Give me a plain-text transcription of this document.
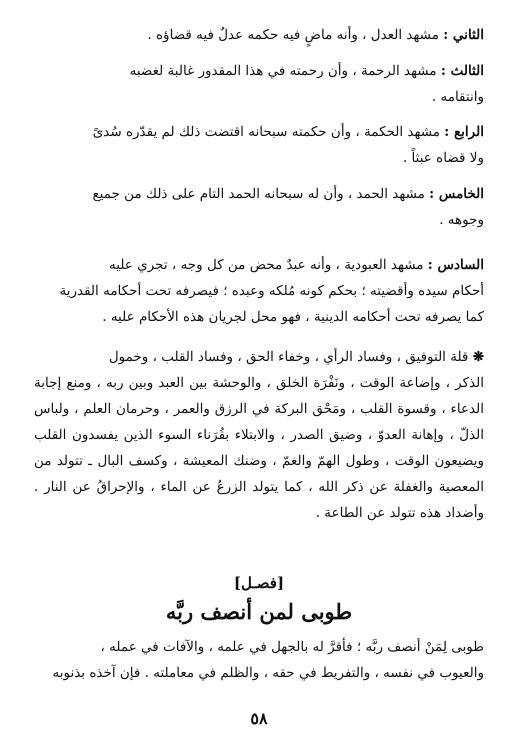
الثاني : مشهد العدل ، وأنه ماضٍ فيه حكمه عدلٌ فيه قضاؤه .
الثالث : مشهد الرحمة ، وأن رحمته في هذا المقدور غالبة لغضبه
وانتقامه .
الرابع : مشهد الحكمة ، وأن حكمته سبحانه اقتضت ذلك لم يقدّره سُدىً
ولا قضاه عبثاً .
الخامس : مشهد الحمد ، وأن له سبحانه الحمد التام على ذلك من جميع
وجوهه .
السادس : مشهد العبودية ، وأنه عبدٌ محض من كل وجه ، تجري عليه
أحكام سيده وأقضيته ؛ بحكم كونه مُلكه وعبده ؛ فيصرفه تحت أحكامه القدرية
كما يصرفه تحت أحكامه الدينية ، فهو محل لجريان هذه الأحكام عليه .
❋ قلة التوفيق ، وفساد الرأي ، وخفاء الحق ، وفساد القلب ، وخمول
الذكر ، وإضاعة الوقت ، ونَفْرَة الخلق ، والوحشة بين العبد وبين ربه ، ومنع إجابة
الدعاء ، وقسوة القلب ، ومَحْق البركة في الرزق والعمر ، وحرمان العلم ، ولباس
الذلّ ، وإهانة العدوّ ، وضيق الصدر ، والابتلاء بقُرَناء السوء الذين يفسدون القلب
ويضيعون الوقت ، وطول الهمّ والغمّ ، وضنك المعيشة ، وكسف البال ـ تتولد من
المعصية والغفلة عن ذكر الله ، كما يتولد الزرعُ عن الماء ، والإحراقُ عن النار .
وأضداد هذه تتولد عن الطاعة .
[فصـل]
طوبى لمن أنصف ربَّه
طوبى لِمَنْ أنصف ربَّه ؛ فأقرَّ له بالجهل في علمه ، والآفات في عمله ،
والعيوب في نفسه ، والتفريط في حقه ، والظلم في معاملته . فإن آخذه بذنوبه
٥٨
